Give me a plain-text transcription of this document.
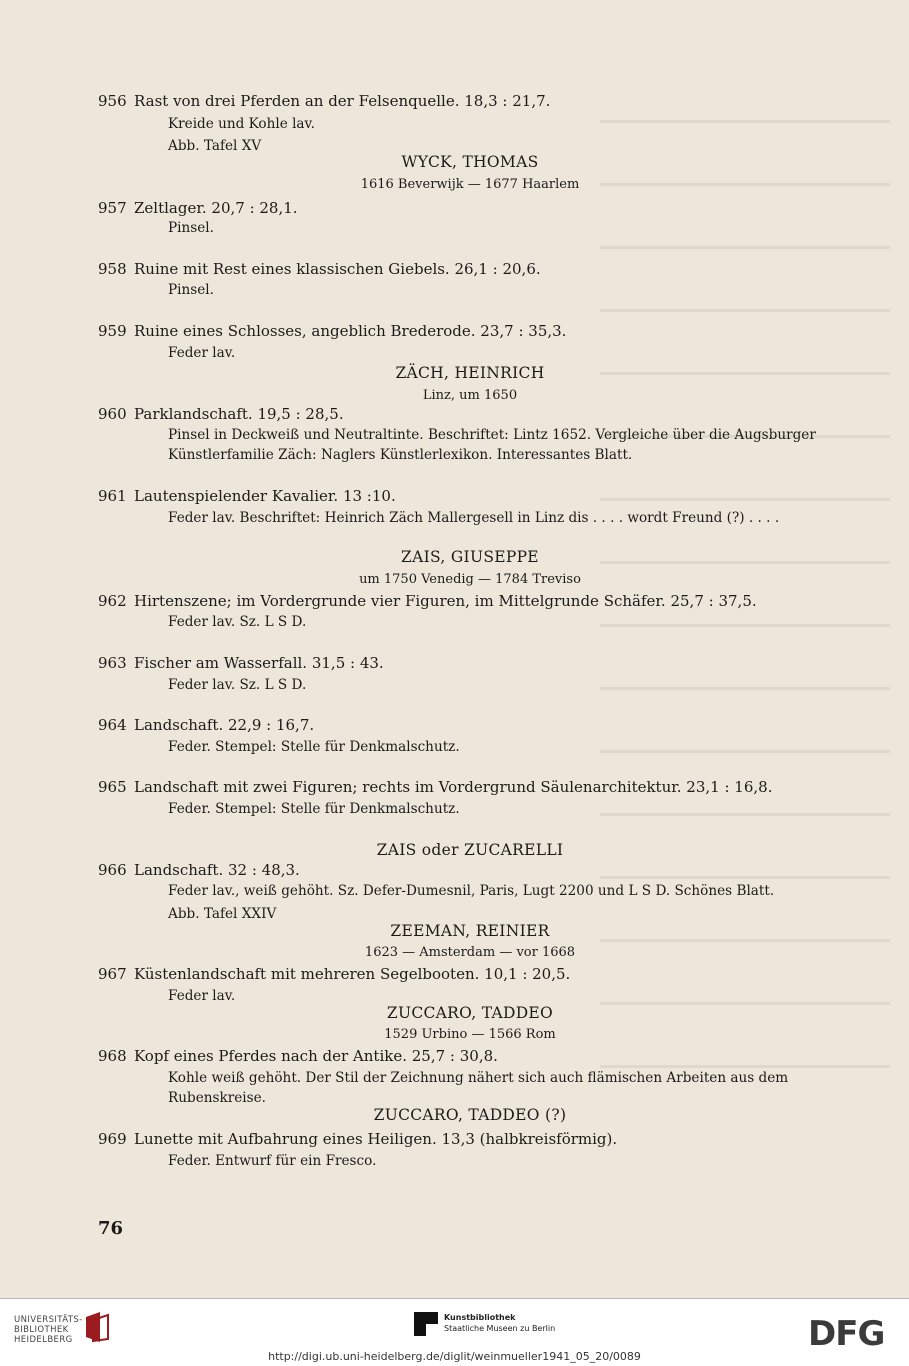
956 Rast von drei Pferden an der Felsenquelle. 18,3 : 21,7.
Kreide und Kohle lav.
Abb. Tafel XV
WYCK, THOMAS
1616 Beverwijk — 1677 Haarlem
957 Zeltlager. 20,7 : 28,1.
Pinsel.
958 Ruine mit Rest eines klassischen Giebels. 26,1 : 20,6.
Pinsel.
959 Ruine eines Schlosses, angeblich Brederode. 23,7 : 35,3.
Feder lav.
ZÄCH, HEINRICH
Linz, um 1650
960 Parklandschaft. 19,5 : 28,5.
Pinsel in Deckweiß und Neutraltinte. Beschriftet: Lintz 1652. Vergleiche über die Augsburger
Künstlerfamilie Zäch: Naglers Künstlerlexikon. Interessantes Blatt.
961 Lautenspielender Kavalier. 13 :10.
Feder lav. Beschriftet: Heinrich Zäch Mallergesell in Linz dis . . . . wordt Freund (?) . . . .
ZAIS, GIUSEPPE
um 1750 Venedig — 1784 Treviso
962 Hirtenszene; im Vordergrunde vier Figuren, im Mittelgrunde Schäfer. 25,7 : 37,5.
Feder lav. Sz. L S D.
963 Fischer am Wasserfall. 31,5 : 43.
Feder lav. Sz. L S D.
964 Landschaft. 22,9 : 16,7.
Feder. Stempel: Stelle für Denkmalschutz.
965 Landschaft mit zwei Figuren; rechts im Vordergrund Säulenarchitektur. 23,1 : 16,8.
Feder. Stempel: Stelle für Denkmalschutz.
ZAIS oder ZUCARELLI
966 Landschaft. 32 : 48,3.
Feder lav., weiß gehöht. Sz. Defer-Dumesnil, Paris, Lugt 2200 und L S D. Schönes Blatt.
Abb. Tafel XXIV
ZEEMAN, REINIER
1623 — Amsterdam — vor 1668
967 Küstenlandschaft mit mehreren Segelbooten. 10,1 : 20,5.
Feder lav.
ZUCCARO, TADDEO
1529 Urbino — 1566 Rom
968 Kopf eines Pferdes nach der Antike. 25,7 : 30,8.
Kohle weiß gehöht. Der Stil der Zeichnung nähert sich auch flämischen Arbeiten aus dem
Rubenskreise.
ZUCCARO, TADDEO (?)
969 Lunette mit Aufbahrung eines Heiligen. 13,3 (halbkreisförmig).
Feder. Entwurf für ein Fresco.
76
UNIVERSITÄTS-
BIBLIOTHEK
HEIDELBERG
Kunstbibliothek
Staatliche Museen zu Berlin	DFG
http://digi.ub.uni-heidelberg.de/diglit/weinmueller1941_05_20/0089
